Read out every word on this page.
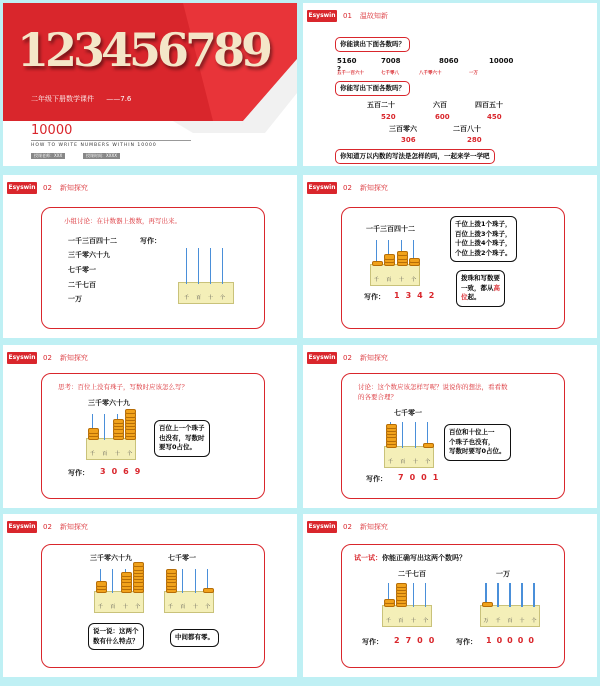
123456789
二年级下册数学课件 ——7.6
10000
HOW TO WRITE NUMBERS WITHIN 10000
授课老师：XXX	授课时间：XXXX
Esyswin 01 温故知新
你能读出下面各数吗？
5160	7008	8060	10000
?
五千一百六十	七千零八	八千零六十	一万
你能写出下面各数吗？
五百二十	六百	四百五十
520	600	450
三百零六	二百八十
306	280
你知道万以内数的写法是怎样的吗，一起来学一学吧
Esyswin 02 新知探究
小组讨论：在计数器上拨数，再写出来。
一千三百四十二	写作：
三千零六十九
七千零一
二千七百
一万	千	百	十	个
Esyswin 02 新知探究
一千三百四十二
千	百	十	个
千位上拨1个珠子，
百位上拨3个珠子，
十位上拨4个珠子，
个位上拨2个珠子。
拨珠和写数要
一致，都从高
位起。
写作： 1342
Esyswin 02 新知探究
思考：百位上没有珠子，写数时应该怎么写？
三千零六十九
千	百	十	个
百位上一个珠子
也没有，写数时
要写0占位。
写作： 3069
Esyswin 02 新知探究
讨论：这个数应该怎样写呢？说说你的想法，看看数
的各要合理？
七千零一
千	百	十	个
百位和十位上一
个珠子也没有，
写数时要写0占位。
写作： 7001
Esyswin 02 新知探究
三千零六十九	七千零一
千	百	十	个	千	百	十	个
说一说：这两个
数有什么特点？	中间都有零。
Esyswin 02 新知探究
试一试：你能正确写出这两个数吗？
二千七百	一万
千	百	十	个	万	千	百	十	个
写作： 2700 写作： 10000
